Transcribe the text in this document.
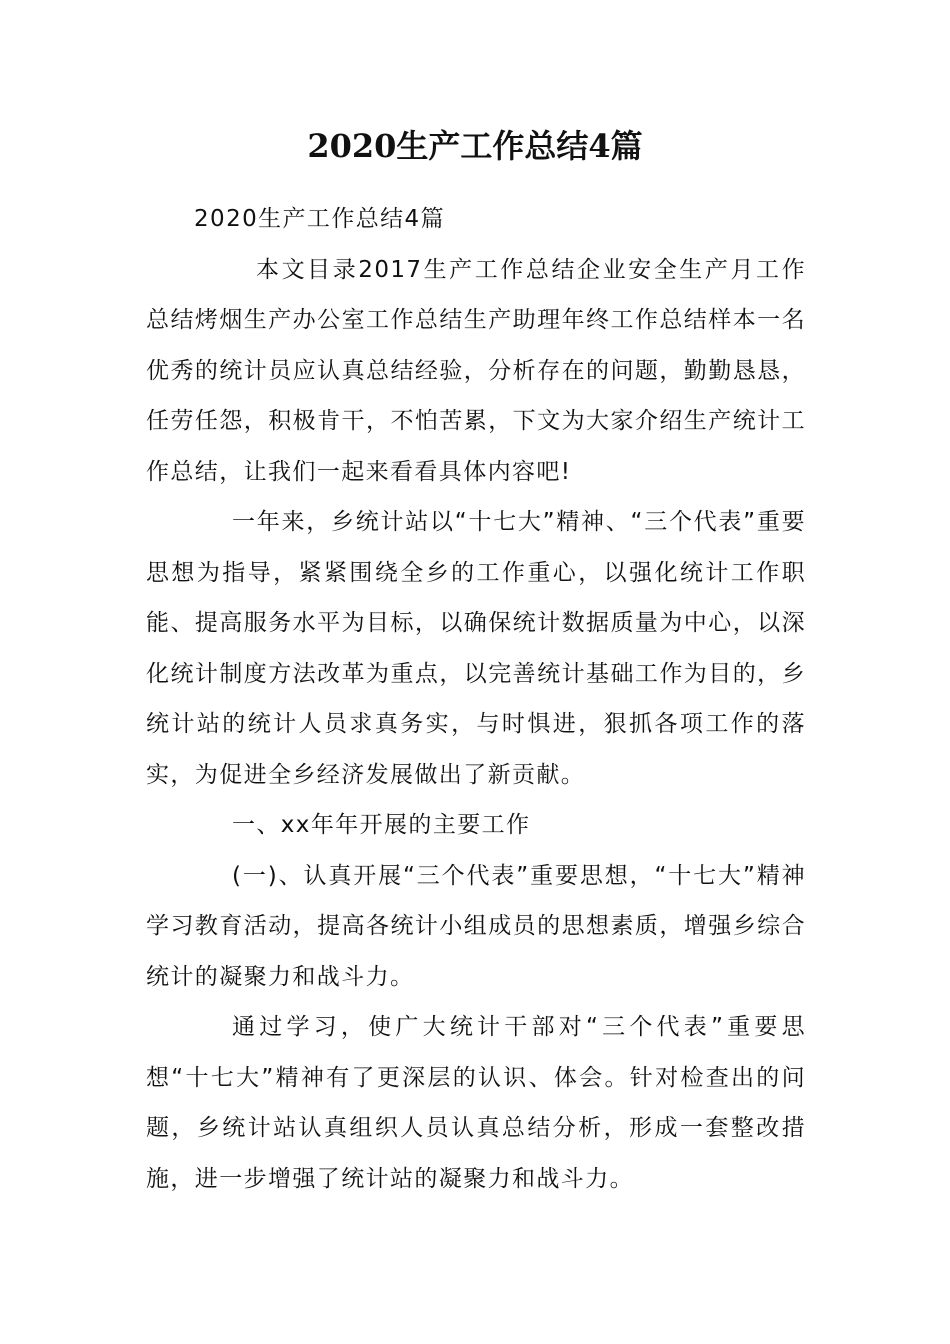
2020生产工作总结4篇

2020生产工作总结4篇

本文目录2017生产工作总结企业安全生产月工作总结烤烟生产办公室工作总结生产助理年终工作总结样本一名优秀的统计员应认真总结经验，分析存在的问题，勤勤恳恳，任劳任怨，积极肯干，不怕苦累，下文为大家介绍生产统计工作总结，让我们一起来看看具体内容吧!

一年来，乡统计站以“十七大”精神、“三个代表”重要思想为指导，紧紧围绕全乡的工作重心，以强化统计工作职能、提高服务水平为目标，以确保统计数据质量为中心，以深化统计制度方法改革为重点，以完善统计基础工作为目的，乡统计站的统计人员求真务实，与时惧进，狠抓各项工作的落实，为促进全乡经济发展做出了新贡献。

一、xx年年开展的主要工作

(一)、认真开展“三个代表”重要思想，“十七大”精神学习教育活动，提高各统计小组成员的思想素质，增强乡综合统计的凝聚力和战斗力。

通过学习，使广大统计干部对“三个代表”重要思想“十七大”精神有了更深层的认识、体会。针对检查出的问题，乡统计站认真组织人员认真总结分析，形成一套整改措施，进一步增强了统计站的凝聚力和战斗力。
